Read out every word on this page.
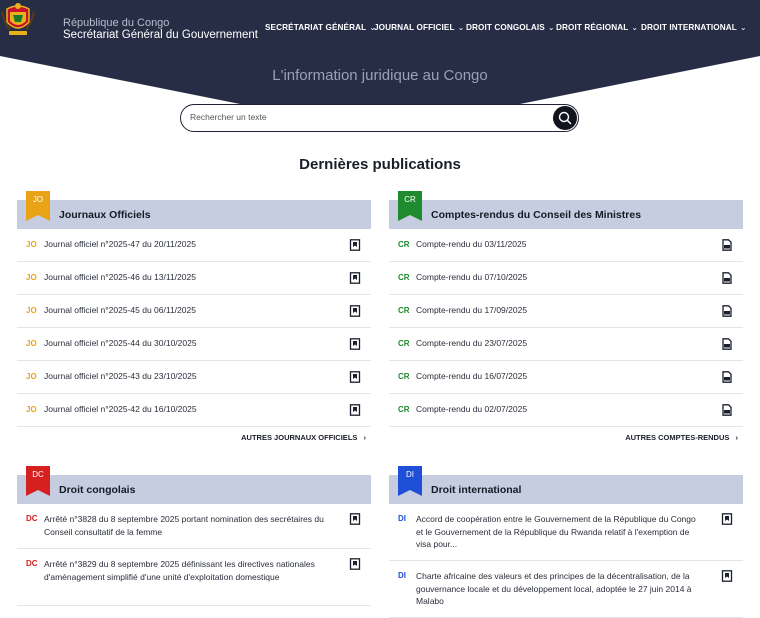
République du Congo
Secrétariat Général du Gouvernement
SECRÉTARIAT GÉNÉRAL ⌄
JOURNAL OFFICIEL ⌄ DROIT CONGOLAIS ⌄ DROIT RÉGIONAL ⌄ DROIT INTERNATIONAL ⌄
L'information juridique au Congo
Rechercher un texte
Dernières publications
Journaux Officiels
JO
JO Journal officiel n°2025-47 du 20/11/2025
JO Journal officiel n°2025-46 du 13/11/2025
JO Journal officiel n°2025-45 du 06/11/2025
JO Journal officiel n°2025-44 du 30/10/2025
JO Journal officiel n°2025-43 du 23/10/2025
JO Journal officiel n°2025-42 du 16/10/2025
AUTRES JOURNAUX OFFICIELS ›
Comptes-rendus du Conseil des Ministres
CR
CR Compte-rendu du 03/11/2025
CR Compte-rendu du 07/10/2025
CR Compte-rendu du 17/09/2025
CR Compte-rendu du 23/07/2025
CR Compte-rendu du 16/07/2025
CR Compte-rendu du 02/07/2025
AUTRES COMPTES-RENDUS ›
Droit congolais
DC
DC Arrêté n°3828 du 8 septembre 2025 portant nomination des secrétaires du Conseil consultatif de la femme
DC Arrêté n°3829 du 8 septembre 2025 définissant les directives nationales d'aménagement simplifié d'une unité d'exploitation domestique
Droit international
DI
DI Accord de coopération entre le Gouvernement de la République du Congo et le Gouvernement de la République du Rwanda relatif à l'exemption de visa pour...
DI Charte africaine des valeurs et des principes de la décentralisation, de la gouvernance locale et du développement local, adoptée le 27 juin 2014 à Malabo
